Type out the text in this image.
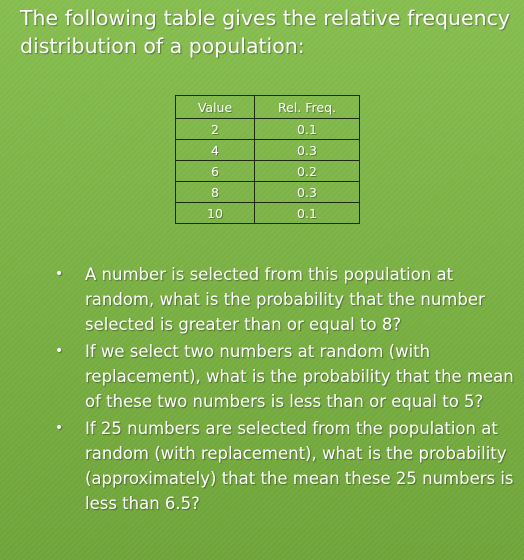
The following table gives the relative frequency distribution of a population:
Value	Rel. Freq.
2	0.1
4	0.3
6	0.2
8	0.3
10	0.1
• A number is selected from this population at random, what is the probability that the number selected is greater than or equal to 8?
• If we select two numbers at random (with replacement), what is the probability that the mean of these two numbers is less than or equal to 5?
• If 25 numbers are selected from the population at random (with replacement), what is the probability (approximately) that the mean these 25 numbers is less than 6.5?
